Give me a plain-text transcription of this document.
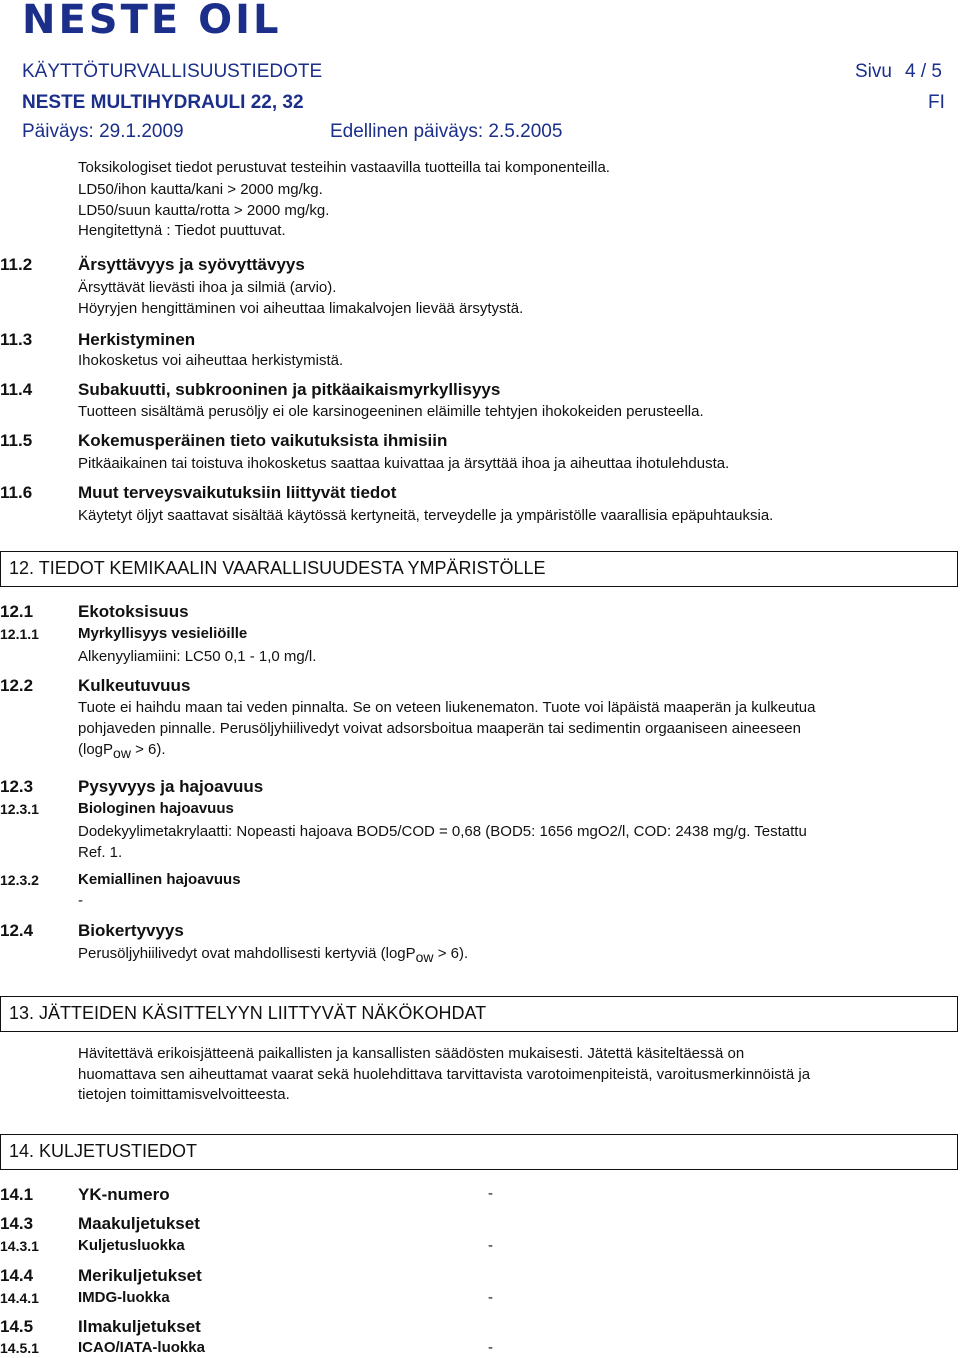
NESTE OIL
KÄYTTÖTURVALLISUUSTIEDOTE	Sivu 4 / 5
NESTE MULTIHYDRAULI 22, 32	FI
Päiväys: 29.1.2009	Edellinen päiväys: 2.5.2005
Toksikologiset tiedot perustuvat testeihin vastaavilla tuotteilla tai komponenteilla.
LD50/ihon kautta/kani > 2000 mg/kg.
LD50/suun kautta/rotta > 2000 mg/kg.
Hengitettynä : Tiedot puuttuvat.
11.2	Ärsyttävyys ja syövyttävyys
Ärsyttävät lievästi ihoa ja silmiä (arvio).
Höyryjen hengittäminen voi aiheuttaa limakalvojen lievää ärsytystä.
11.3	Herkistyminen
Ihokosketus voi aiheuttaa herkistymistä.
11.4	Subakuutti, subkrooninen ja pitkäaikaismyrkyllisyys
Tuotteen sisältämä perusöljy ei ole karsinogeeninen eläimille tehtyjen ihokokeiden perusteella.
11.5	Kokemusperäinen tieto vaikutuksista ihmisiin
Pitkäaikainen tai toistuva ihokosketus saattaa kuivattaa ja ärsyttää ihoa ja aiheuttaa ihotulehdusta.
11.6	Muut terveysvaikutuksiin liittyvät tiedot
Käytetyt öljyt saattavat sisältää käytössä kertyneitä, terveydelle ja ympäristölle vaarallisia epäpuhtauksia.
12. TIEDOT KEMIKAALIN VAARALLISUUDESTA YMPÄRISTÖLLE
12.1	Ekotoksisuus
12.1.1	Myrkyllisyys vesieliöille
Alkenyyliamiini: LC50 0,1 - 1,0 mg/l.
12.2	Kulkeutuvuus
Tuote ei haihdu maan tai veden pinnalta. Se on veteen liukenematon. Tuote voi läpäistä maaperän ja kulkeutua
pohjaveden pinnalle. Perusöljyhiilivedyt voivat adsorsboitua maaperän tai sedimentin orgaaniseen aineeseen
(logP$_{ow}$ > 6).
12.3	Pysyvyys ja hajoavuus
12.3.1	Biologinen hajoavuus
Dodekyylimetakrylaatti: Nopeasti hajoava BOD5/COD = 0,68 (BOD5: 1656 mgO2/l, COD: 2438 mg/g. Testattu
Ref. 1.
12.3.2	Kemiallinen hajoavuus
-
12.4	Biokertyvyys
Perusöljyhiilivedyt ovat mahdollisesti kertyviä (logP$_{ow}$ > 6).
13. JÄTTEIDEN KÄSITTELYYN LIITTYVÄT NÄKÖKOHDAT
Hävitettävä erikoisjätteenä paikallisten ja kansallisten säädösten mukaisesti. Jätettä käsiteltäessä on
huomattava sen aiheuttamat vaarat sekä huolehdittava tarvittavista varotoimenpiteistä, varoitusmerkinnöistä ja
tietojen toimittamisvelvoitteesta.
14. KULJETUSTIEDOT
14.1	YK-numero	-
14.3	Maakuljetukset
14.3.1	Kuljetusluokka	-
14.4	Merikuljetukset
14.4.1	IMDG-luokka	-
14.5	Ilmakuljetukset
14.5.1	ICAO/IATA-luokka	-
